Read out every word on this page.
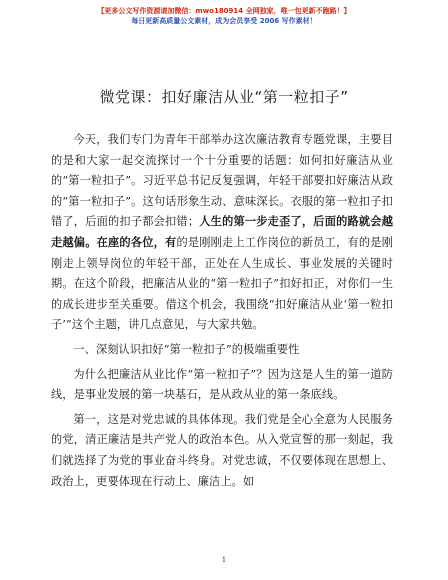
【更多公文写作资源请加微信：mwo180914 全网独家，唯一包更新不跑路！】
每日更新高质量公文素材，成为会员享受 2006 写作素材！
微党课：扣好廉洁从业“第一粒扣子”

今天，我们专门为青年干部举办这次廉洁教育专题党课，主要目的是和大家一起交流探讨一个十分重要的话题：如何扣好廉洁从业的“第一粒扣子”。习近平总书记反复强调，年轻干部要扣好廉洁从政的“第一粒扣子”。这句话形象生动、意味深长。衣服的第一粒扣子扣错了，后面的扣子都会扣错；人生的第一步走歪了，后面的路就会越走越偏。在座的各位，有的是刚刚走上工作岗位的新员工，有的是刚刚走上领导岗位的年轻干部，正处在人生成长、事业发展的关键时期。在这个阶段，把廉洁从业的“第一粒扣子”扣好扣正，对你们一生的成长进步至关重要。借这个机会，我围绕“扣好廉洁从业‘第一粒扣子’”这个主题，讲几点意见，与大家共勉。

一、深刻认识扣好“第一粒扣子”的极端重要性

为什么把廉洁从业比作“第一粒扣子”？因为这是人生的第一道防线，是事业发展的第一块基石，是从政从业的第一条底线。

第一，这是对党忠诚的具体体现。我们党是全心全意为人民服务的党，清正廉洁是共产党人的政治本色。从入党宣誓的那一刻起，我们就选择了为党的事业奋斗终身。对党忠诚，不仅要体现在思想上、政治上，更要体现在行动上、廉洁上。如

1
